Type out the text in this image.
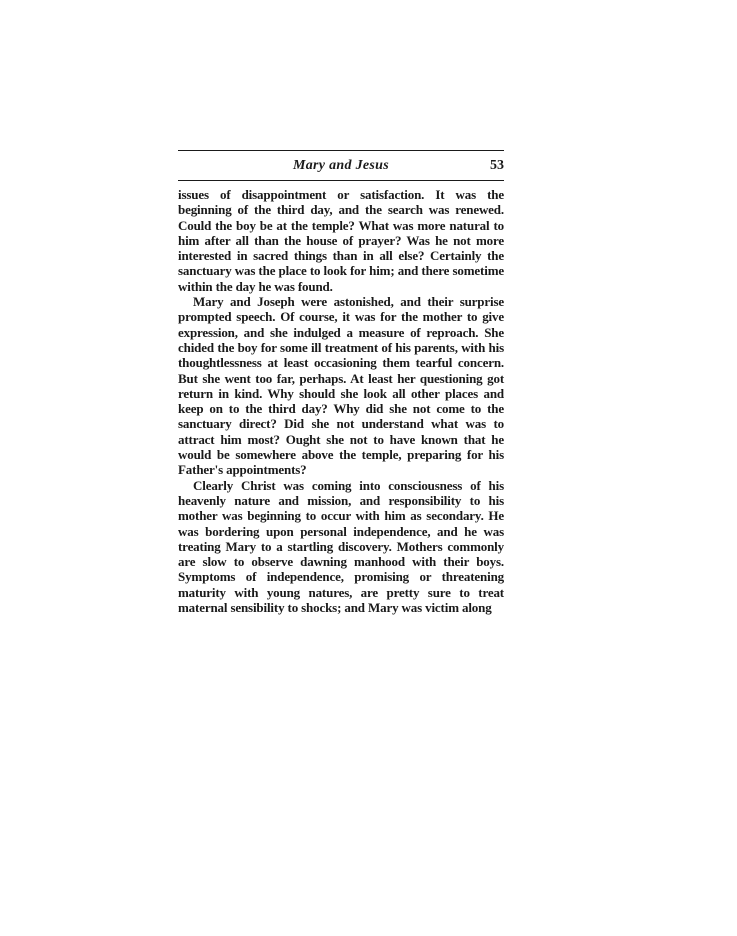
Mary and Jesus	53

issues of disappointment or satisfaction. It was the beginning of the third day, and the search was renewed. Could the boy be at the temple? What was more natural to him after all than the house of prayer? Was he not more interested in sacred things than in all else? Certainly the sanctuary was the place to look for him; and there sometime within the day he was found.

Mary and Joseph were astonished, and their surprise prompted speech. Of course, it was for the mother to give expression, and she indulged a measure of reproach. She chided the boy for some ill treatment of his parents, with his thoughtlessness at least occasioning them tearful concern. But she went too far, perhaps. At least her questioning got return in kind. Why should she look all other places and keep on to the third day? Why did she not come to the sanctuary direct? Did she not understand what was to attract him most? Ought she not to have known that he would be somewhere above the temple, preparing for his Father's appointments?

Clearly Christ was coming into consciousness of his heavenly nature and mission, and responsibility to his mother was beginning to occur with him as secondary. He was bordering upon personal independence, and he was treating Mary to a startling discovery. Mothers commonly are slow to observe dawning manhood with their boys. Symptoms of independence, promising or threatening maturity with young natures, are pretty sure to treat maternal sensibility to shocks; and Mary was victim along
